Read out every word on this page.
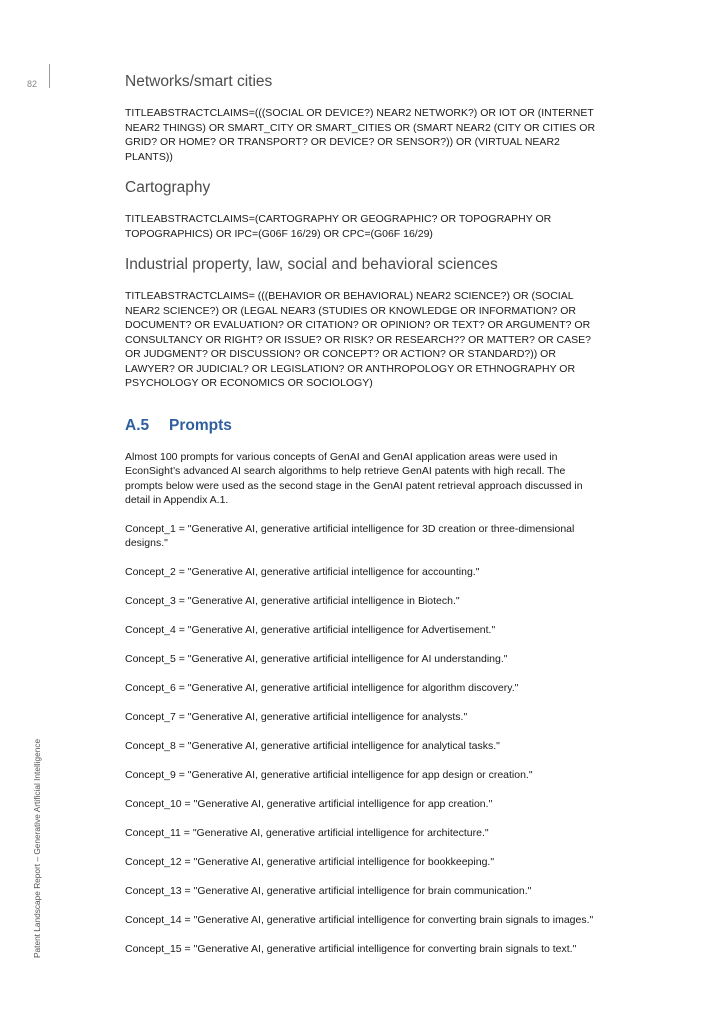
82
Patent Landscape Report – Generative Artificial Intelligence
Networks/smart cities

TITLEABSTRACTCLAIMS=(((SOCIAL OR DEVICE?) NEAR2 NETWORK?) OR IOT OR (INTERNET NEAR2 THINGS) OR SMART_CITY OR SMART_CITIES OR (SMART NEAR2 (CITY OR CITIES OR GRID? OR HOME? OR TRANSPORT? OR DEVICE? OR SENSOR?)) OR (VIRTUAL NEAR2 PLANTS))

Cartography

TITLEABSTRACTCLAIMS=(CARTOGRAPHY OR GEOGRAPHIC? OR TOPOGRAPHY OR TOPOGRAPHICS) OR IPC=(G06F 16/29) OR CPC=(G06F 16/29)

Industrial property, law, social and behavioral sciences

TITLEABSTRACTCLAIMS= (((BEHAVIOR OR BEHAVIORAL) NEAR2 SCIENCE?) OR (SOCIAL NEAR2 SCIENCE?) OR (LEGAL NEAR3 (STUDIES OR KNOWLEDGE OR INFORMATION? OR DOCUMENT? OR EVALUATION? OR CITATION? OR OPINION? OR TEXT? OR ARGUMENT? OR CONSULTANCY OR RIGHT? OR ISSUE? OR RISK? OR RESEARCH?? OR MATTER? OR CASE? OR JUDGMENT? OR DISCUSSION? OR CONCEPT? OR ACTION? OR STANDARD?)) OR LAWYER? OR JUDICIAL? OR LEGISLATION? OR ANTHROPOLOGY OR ETHNOGRAPHY OR PSYCHOLOGY OR ECONOMICS OR SOCIOLOGY)

A.5 Prompts

Almost 100 prompts for various concepts of GenAI and GenAI application areas were used in EconSight’s advanced AI search algorithms to help retrieve GenAI patents with high recall. The prompts below were used as the second stage in the GenAI patent retrieval approach discussed in detail in Appendix A.1.

Concept_1 = "Generative AI, generative artificial intelligence for 3D creation or three-dimensional designs."

Concept_2 = "Generative AI, generative artificial intelligence for accounting."

Concept_3 = "Generative AI, generative artificial intelligence in Biotech."

Concept_4 = "Generative AI, generative artificial intelligence for Advertisement."

Concept_5 = "Generative AI, generative artificial intelligence for AI understanding."

Concept_6 = "Generative AI, generative artificial intelligence for algorithm discovery."

Concept_7 = "Generative AI, generative artificial intelligence for analysts."

Concept_8 = "Generative AI, generative artificial intelligence for analytical tasks."

Concept_9 = "Generative AI, generative artificial intelligence for app design or creation."

Concept_10 = "Generative AI, generative artificial intelligence for app creation."

Concept_11 = "Generative AI, generative artificial intelligence for architecture."

Concept_12 = "Generative AI, generative artificial intelligence for bookkeeping."

Concept_13 = "Generative AI, generative artificial intelligence for brain communication."

Concept_14 = "Generative AI, generative artificial intelligence for converting brain signals to images."

Concept_15 = "Generative AI, generative artificial intelligence for converting brain signals to text."
